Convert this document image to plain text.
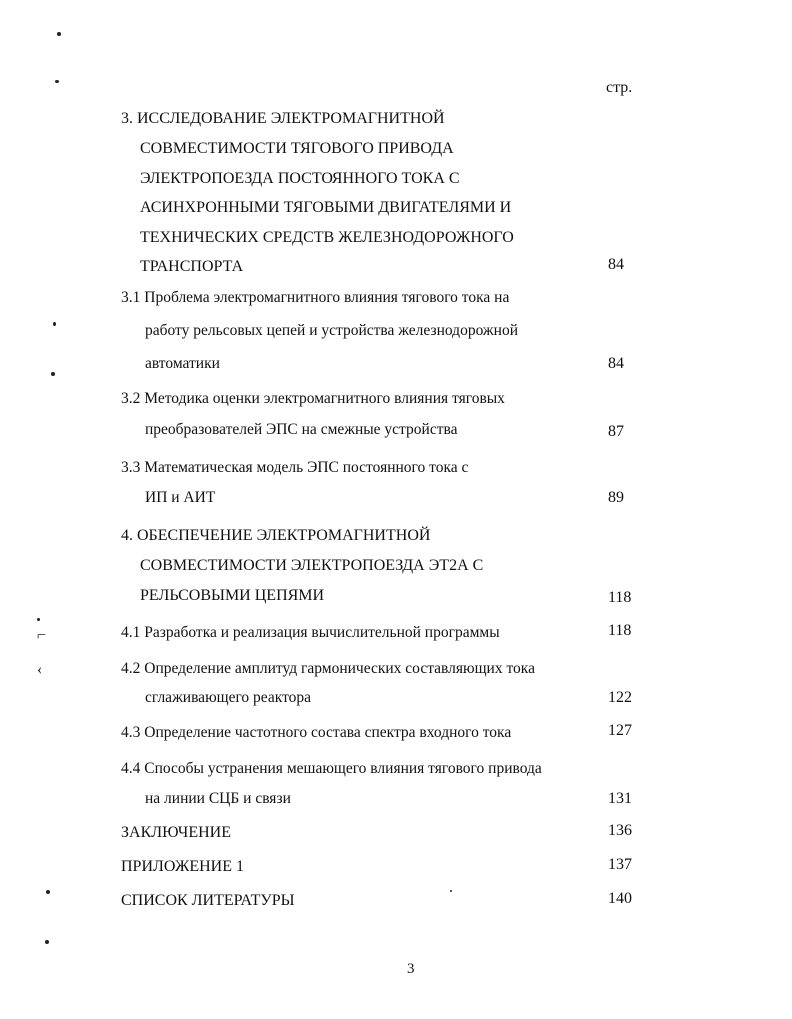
⌐
‹
стр.
3. ИССЛЕДОВАНИЕ ЭЛЕКТРОМАГНИТНОЙ
СОВМЕСТИМОСТИ ТЯГОВОГО ПРИВОДА
ЭЛЕКТРОПОЕЗДА ПОСТОЯННОГО ТОКА С
АСИНХРОННЫМИ ТЯГОВЫМИ ДВИГАТЕЛЯМИ И
ТЕХНИЧЕСКИХ СРЕДСТВ ЖЕЛЕЗНОДОРОЖНОГО
ТРАНСПОРТА	84
3.1 Проблема электромагнитного влияния тягового тока на
работу рельсовых цепей и устройства железнодорожной
автоматики	84
3.2 Методика оценки электромагнитного влияния тяговых
преобразователей ЭПС на смежные устройства	87
3.3 Математическая модель ЭПС постоянного тока с
ИП и АИТ	89
4. ОБЕСПЕЧЕНИЕ ЭЛЕКТРОМАГНИТНОЙ
СОВМЕСТИМОСТИ ЭЛЕКТРОПОЕЗДА ЭТ2А С
РЕЛЬСОВЫМИ ЦЕПЯМИ	118
4.1 Разработка и реализация вычислительной программы	118
4.2 Определение амплитуд гармонических составляющих тока
сглаживающего реактора	122
4.3 Определение частотного состава спектра входного тока	127
4.4 Способы устранения мешающего влияния тягового привода
на линии СЦБ и связи	131
ЗАКЛЮЧЕНИЕ	136
ПРИЛОЖЕНИЕ 1	137
СПИСОК ЛИТЕРАТУРЫ	140
3
